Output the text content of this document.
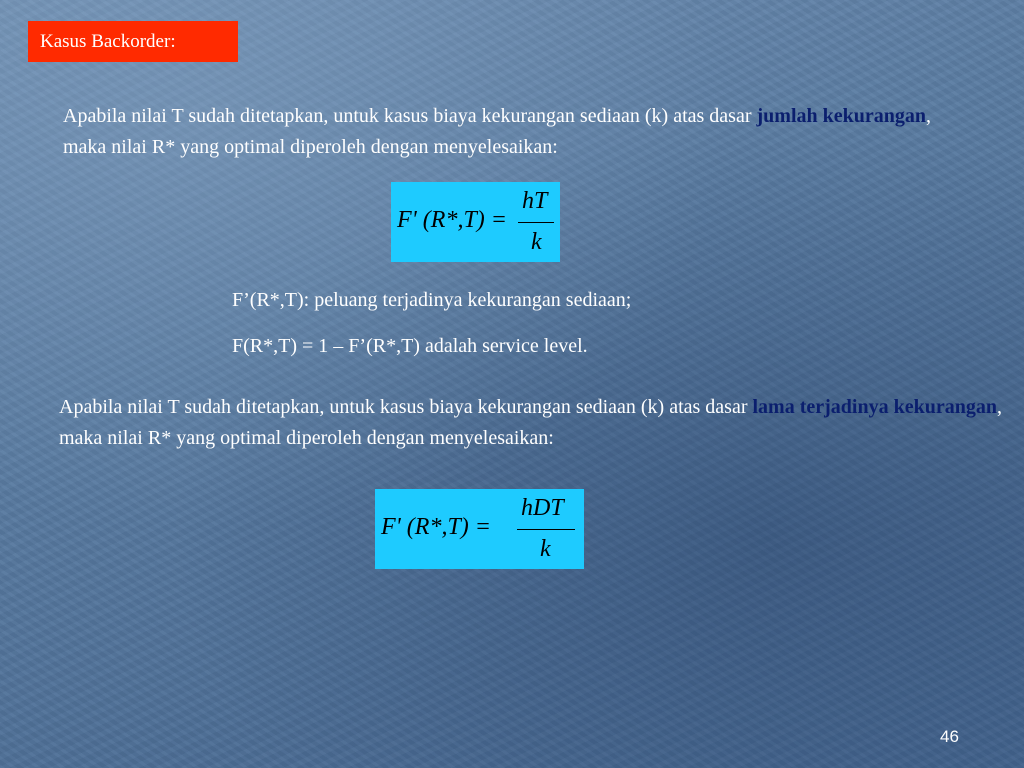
Kasus Backorder:
Apabila nilai T sudah ditetapkan, untuk kasus biaya kekurangan sediaan (k) atas dasar jumlah kekurangan, maka nilai R* yang optimal diperoleh dengan menyelesaikan:
F' (R*,T) =
hT
k
F’(R*,T): peluang terjadinya kekurangan sediaan;
F(R*,T) = 1 – F’(R*,T) adalah service level.
Apabila nilai T sudah ditetapkan, untuk kasus biaya kekurangan sediaan (k) atas dasar lama terjadinya kekurangan, maka nilai R* yang optimal diperoleh dengan menyelesaikan:
F' (R*,T) =
hDT
k
46
